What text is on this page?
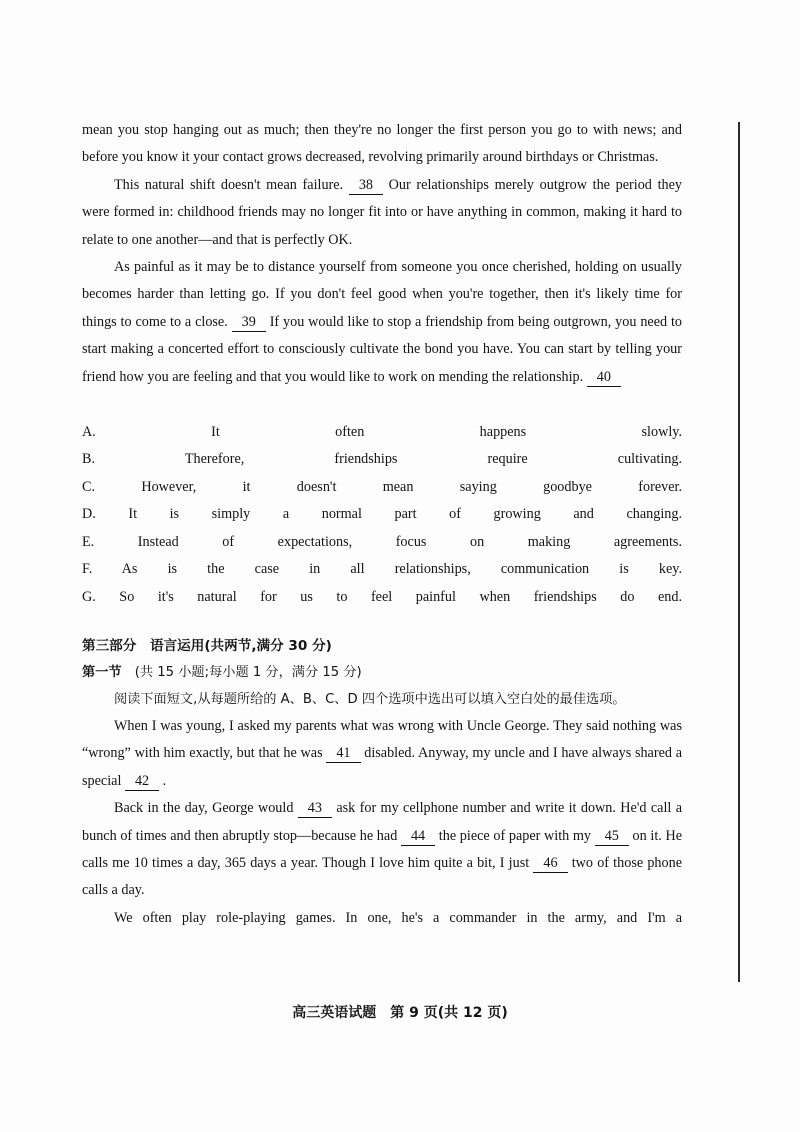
mean you stop hanging out as much; then they're no longer the first person you go to with news; and before you know it your contact grows decreased, revolving primarily around birthdays or Christmas.

This natural shift doesn't mean failure. 38 Our relationships merely outgrow the period they were formed in: childhood friends may no longer fit into or have anything in common, making it hard to relate to one another—and that is perfectly OK.

As painful as it may be to distance yourself from someone you once cherished, holding on usually becomes harder than letting go. If you don't feel good when you're together, then it's likely time for things to come to a close. 39 If you would like to stop a friendship from being outgrown, you need to start making a concerted effort to consciously cultivate the bond you have. You can start by telling your friend how you are feeling and that you would like to work on mending the relationship. 40

A. It often happens slowly.

B. Therefore, friendships require cultivating.

C. However, it doesn't mean saying goodbye forever.

D. It is simply a normal part of growing and changing.

E. Instead of expectations, focus on making agreements.

F. As is the case in all relationships, communication is key.

G. So it's natural for us to feel painful when friendships do end.

第三部分　语言运用(共两节,满分 30 分)
第一节　(共 15 小题;每小题 1 分，满分 15 分)
阅读下面短文,从每题所给的 A、B、C、D 四个选项中选出可以填入空白处的最佳选项。

When I was young, I asked my parents what was wrong with Uncle George. They said nothing was “wrong” with him exactly, but that he was 41 disabled. Anyway, my uncle and I have always shared a special 42 .

Back in the day, George would 43 ask for my cellphone number and write it down. He'd call a bunch of times and then abruptly stop—because he had 44 the piece of paper with my 45 on it. He calls me 10 times a day, 365 days a year. Though I love him quite a bit, I just 46 two of those phone calls a day.

We often play role-playing games. In one, he's a commander in the army, and I'm a

高三英语试题　第 9 页(共 12 页)
